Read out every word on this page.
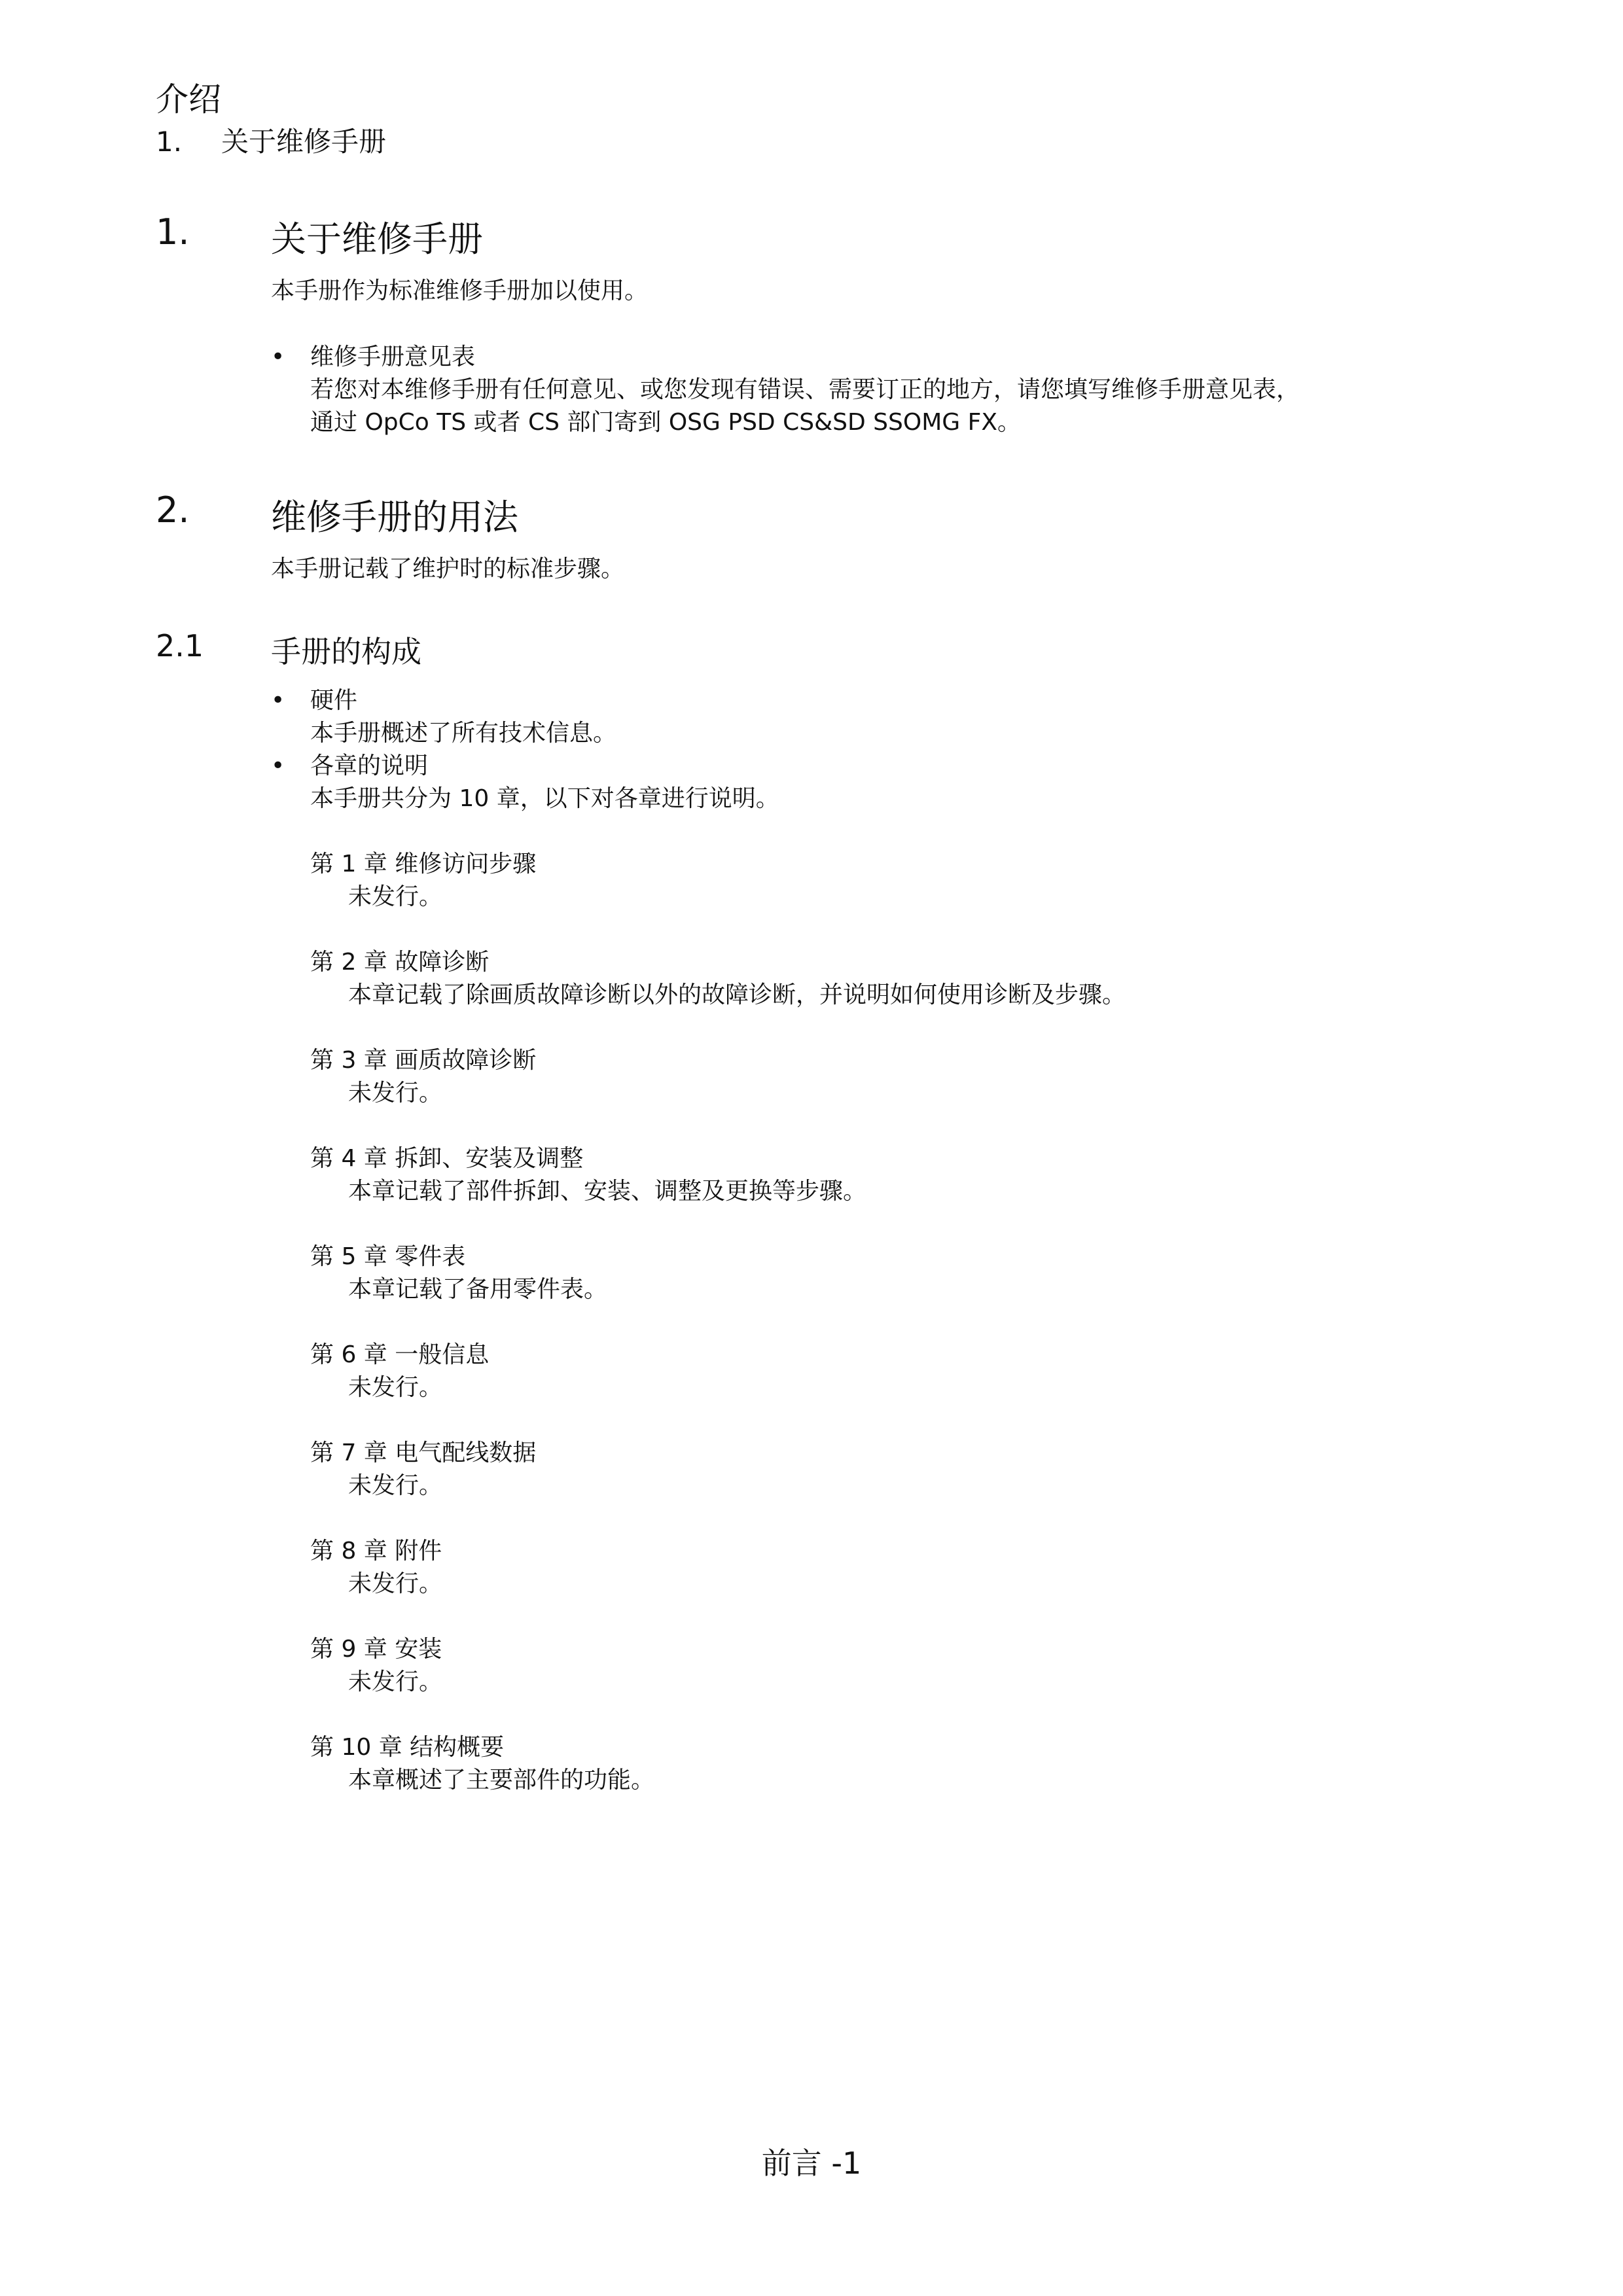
介绍
1. 关于维修手册
1. 关于维修手册
本手册作为标准维修手册加以使用。
• 维修手册意见表
若您对本维修手册有任何意见、或您发现有错误、需要订正的地方，请您填写维修手册意见表，
通过 OpCo TS 或者 CS 部门寄到 OSG PSD CS&SD SSOMG FX。
2. 维修手册的用法
本手册记载了维护时的标准步骤。
2.1 手册的构成
• 硬件
本手册概述了所有技术信息。
• 各章的说明
本手册共分为 10 章，以下对各章进行说明。
第 1 章 维修访问步骤
未发行。
第 2 章 故障诊断
本章记载了除画质故障诊断以外的故障诊断，并说明如何使用诊断及步骤。
第 3 章 画质故障诊断
未发行。
第 4 章 拆卸、安装及调整
本章记载了部件拆卸、安装、调整及更换等步骤。
第 5 章 零件表
本章记载了备用零件表。
第 6 章 一般信息
未发行。
第 7 章 电气配线数据
未发行。
第 8 章 附件
未发行。
第 9 章 安装
未发行。
第 10 章 结构概要
本章概述了主要部件的功能。
前言 -1
